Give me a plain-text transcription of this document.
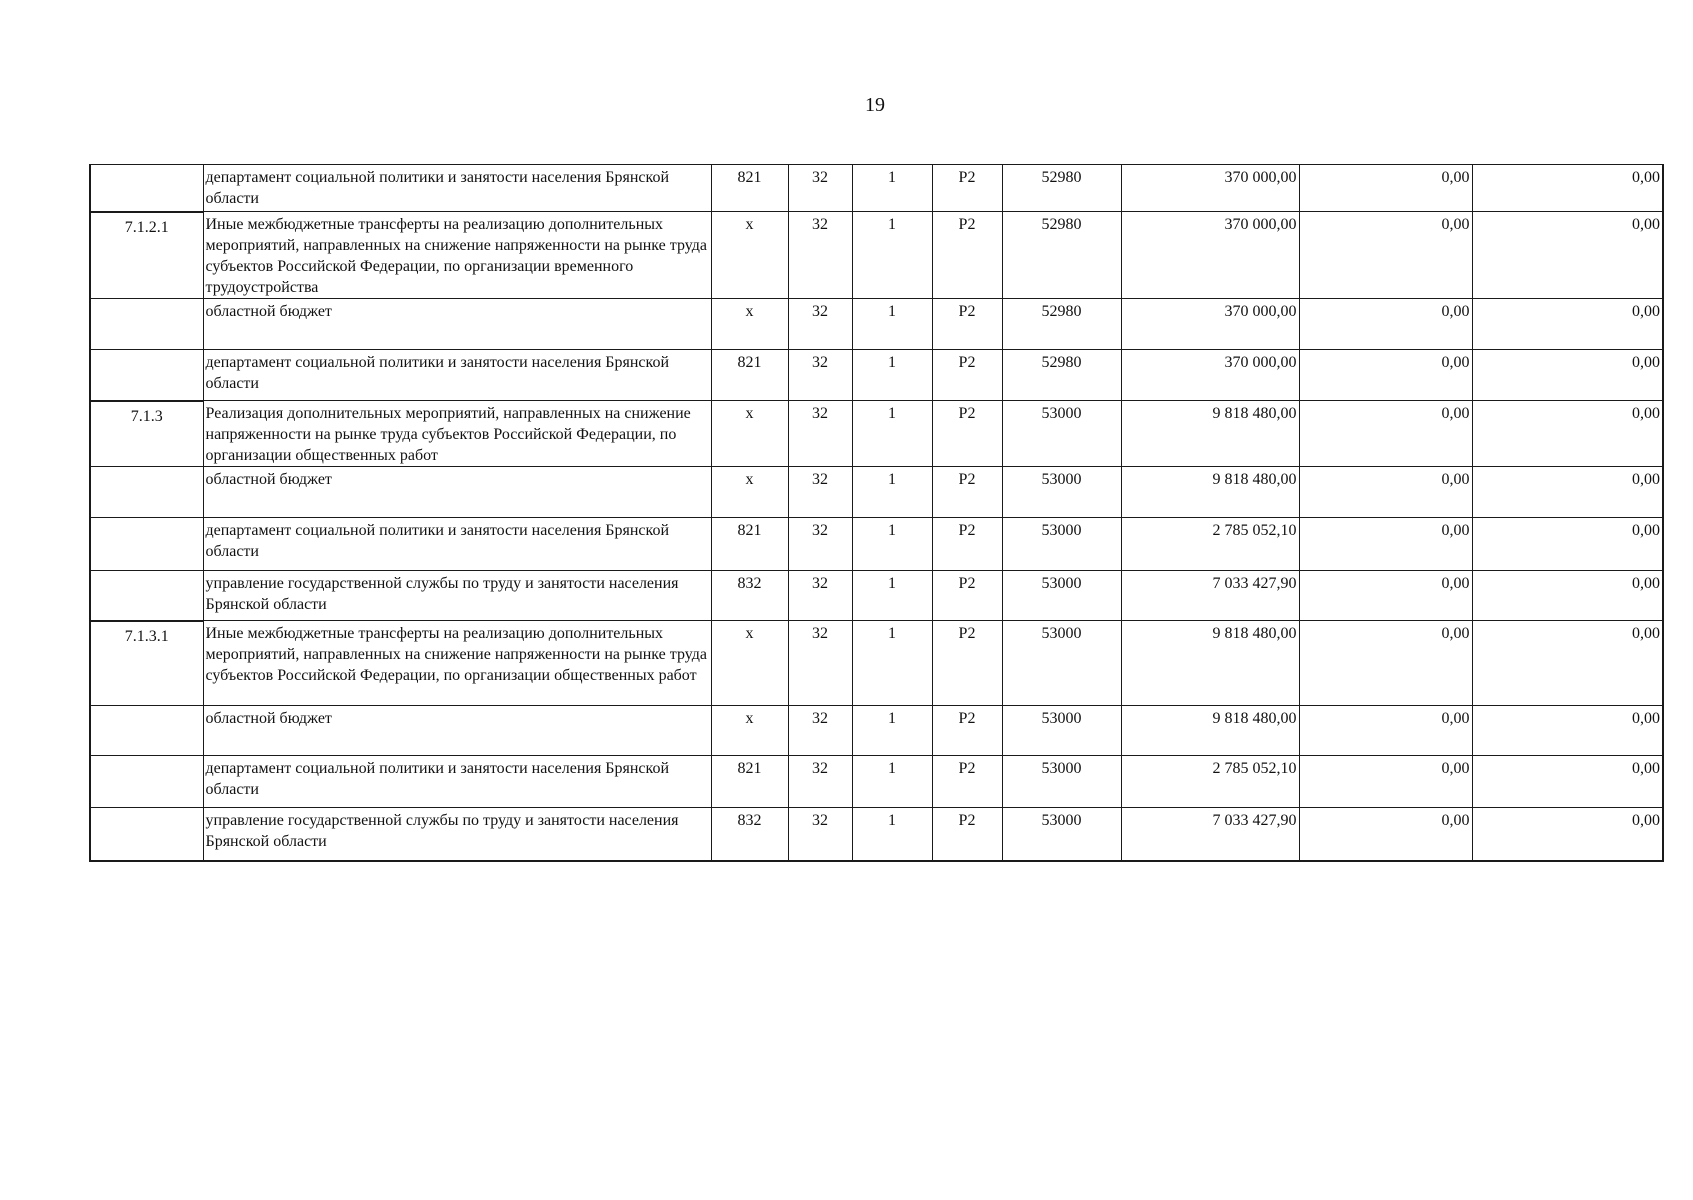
19
	департамент социальной политики и занятости населения Брянской области	821	32	1	Р2	52980	370 000,00	0,00	0,00
7.1.2.1	Иные межбюджетные трансферты на реализацию дополнительных мероприятий, направленных на снижение напряженности на рынке труда субъектов Российской Федерации, по организации временного трудоустройства	х	32	1	Р2	52980	370 000,00	0,00	0,00
	областной бюджет	х	32	1	Р2	52980	370 000,00	0,00	0,00
	департамент социальной политики и занятости населения Брянской области	821	32	1	Р2	52980	370 000,00	0,00	0,00
7.1.3	Реализация дополнительных мероприятий, направленных на снижение напряженности на рынке труда субъектов Российской Федерации, по организации общественных работ	х	32	1	Р2	53000	9 818 480,00	0,00	0,00
	областной бюджет	х	32	1	Р2	53000	9 818 480,00	0,00	0,00
	департамент социальной политики и занятости населения Брянской области	821	32	1	Р2	53000	2 785 052,10	0,00	0,00
	управление государственной службы по труду и занятости населения Брянской области	832	32	1	Р2	53000	7 033 427,90	0,00	0,00
7.1.3.1	Иные межбюджетные трансферты на реализацию дополнительных мероприятий, направленных на снижение напряженности на рынке труда субъектов Российской Федерации, по организации общественных работ	х	32	1	Р2	53000	9 818 480,00	0,00	0,00
	областной бюджет	х	32	1	Р2	53000	9 818 480,00	0,00	0,00
	департамент социальной политики и занятости населения Брянской области	821	32	1	Р2	53000	2 785 052,10	0,00	0,00
	управление государственной службы по труду и занятости населения Брянской области	832	32	1	Р2	53000	7 033 427,90	0,00	0,00
